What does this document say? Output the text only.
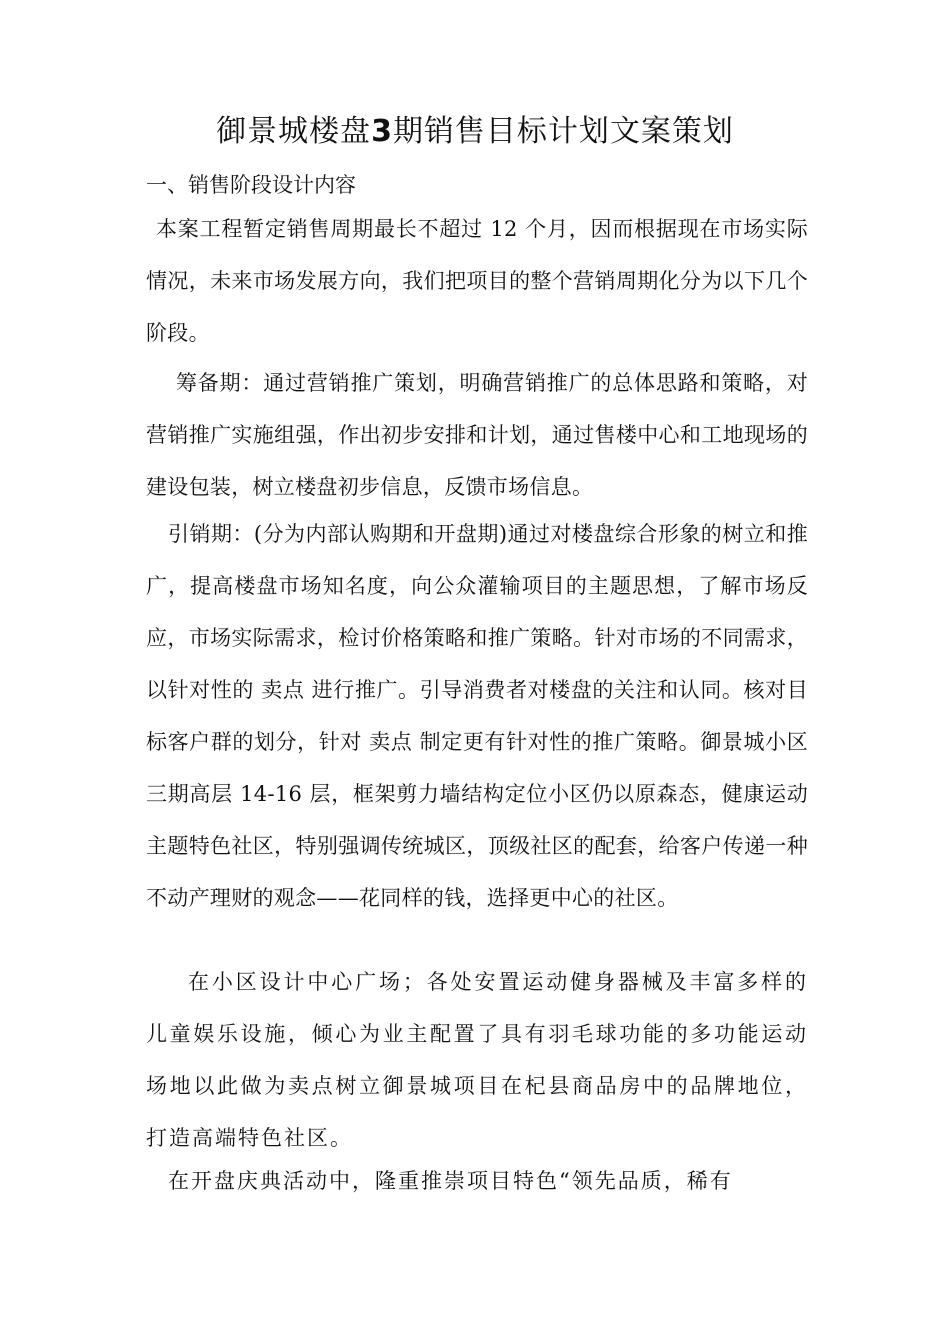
御景城楼盘3期销售目标计划文案策划
一、销售阶段设计内容

本案工程暂定销售周期最长不超过 12 个月，因而根据现在市场实际情况，未来市场发展方向，我们把项目的整个营销周期化分为以下几个阶段。

筹备期：通过营销推广策划，明确营销推广的总体思路和策略，对营销推广实施组强，作出初步安排和计划，通过售楼中心和工地现场的建设包装，树立楼盘初步信息，反馈市场信息。

引销期：(分为内部认购期和开盘期)通过对楼盘综合形象的树立和推广，提高楼盘市场知名度，向公众灌输项目的主题思想，了解市场反应，市场实际需求，检讨价格策略和推广策略。针对市场的不同需求，以针对性的 卖点 进行推广。引导消费者对楼盘的关注和认同。核对目标客户群的划分，针对 卖点 制定更有针对性的推广策略。御景城小区三期高层 14-16 层，框架剪力墙结构定位小区仍以原森态，健康运动主题特色社区，特别强调传统城区，顶级社区的配套，给客户传递一种不动产理财的观念——花同样的钱，选择更中心的社区。

在小区设计中心广场；各处安置运动健身器械及丰富多样的儿童娱乐设施，倾心为业主配置了具有羽毛球功能的多功能运动场地以此做为卖点树立御景城项目在杞县商品房中的品牌地位，打造高端特色社区。

在开盘庆典活动中，隆重推崇项目特色“领先品质，稀有
